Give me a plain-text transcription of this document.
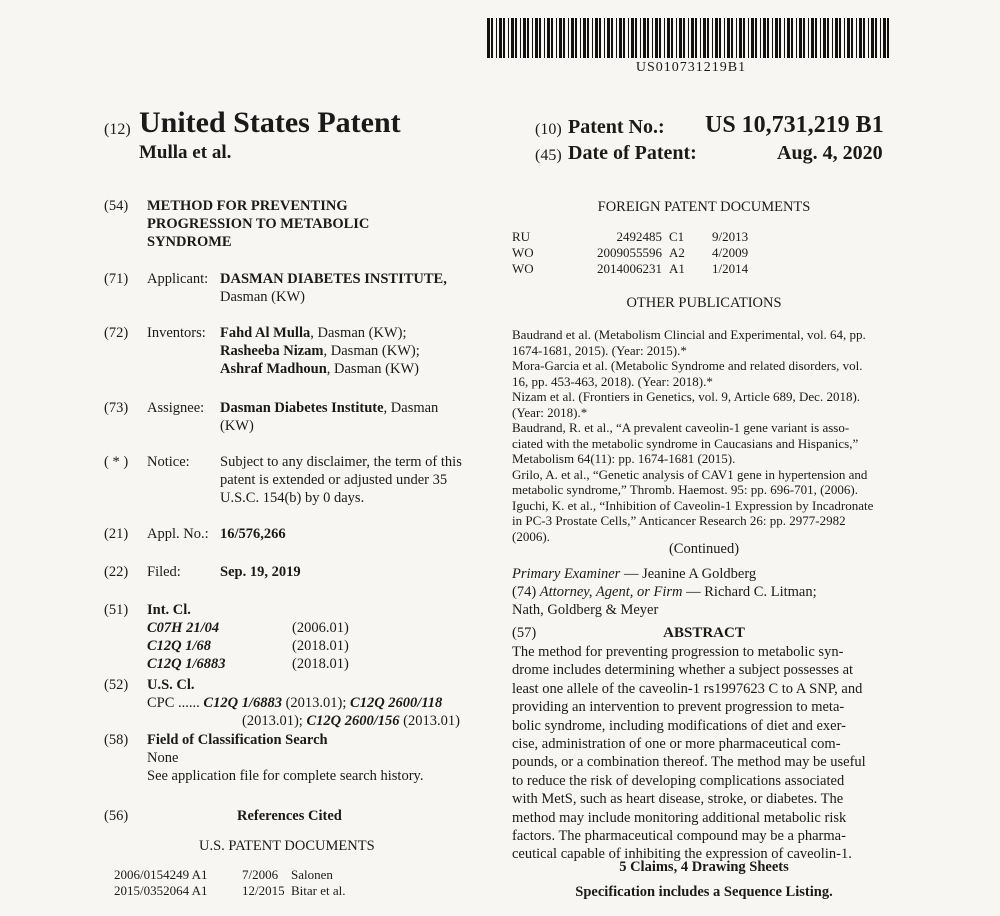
US010731219B1
(12) United States Patent
Mulla et al.
(10) Patent No.: US 10,731,219 B1
(45) Date of Patent:	Aug. 4, 2020
(54) METHOD FOR PREVENTING
PROGRESSION TO METABOLIC
SYNDROME
(71) Applicant: DASMAN DIABETES INSTITUTE,
Dasman (KW)
(72) Inventors: Fahd Al Mulla, Dasman (KW);
Rasheeba Nizam, Dasman (KW);
Ashraf Madhoun, Dasman (KW)
(73) Assignee: Dasman Diabetes Institute, Dasman
(KW)
( * ) Notice: Subject to any disclaimer, the term of this
patent is extended or adjusted under 35
U.S.C. 154(b) by 0 days.
(21) Appl. No.: 16/576,266
(22) Filed:	Sep. 19, 2019
(51) Int. Cl.
C07H 21/04	(2006.01)
C12Q 1/68	(2018.01)
C12Q 1/6883	(2018.01)
(52) U.S. Cl.
CPC ...... C12Q 1/6883 (2013.01); C12Q 2600/118
(2013.01); C12Q 2600/156 (2013.01)
(58) Field of Classification Search
None
See application file for complete search history.
(56)	References Cited
U.S. PATENT DOCUMENTS
2006/0154249 A1	7/2006 Salonen
2015/0352064 A1	12/2015 Bitar et al.
FOREIGN PATENT DOCUMENTS
RU	2492485 C1 9/2013
WO	2009055596 A2 4/2009
WO	2014006231 A1 1/2014
OTHER PUBLICATIONS
Baudrand et al. (Metabolism Clincial and Experimental, vol. 64, pp.
1674-1681, 2015). (Year: 2015).*
Mora-Garcia et al. (Metabolic Syndrome and related disorders, vol.
16, pp. 453-463, 2018). (Year: 2018).*
Nizam et al. (Frontiers in Genetics, vol. 9, Article 689, Dec. 2018).
(Year: 2018).*
Baudrand, R. et al., “A prevalent caveolin-1 gene variant is asso-
ciated with the metabolic syndrome in Caucasians and Hispanics,”
Metabolism 64(11): pp. 1674-1681 (2015).
Grilo, A. et al., “Genetic analysis of CAV1 gene in hypertension and
metabolic syndrome,” Thromb. Haemost. 95: pp. 696-701, (2006).
Iguchi, K. et al., “Inhibition of Caveolin-1 Expression by Incadronate
in PC-3 Prostate Cells,” Anticancer Research 26: pp. 2977-2982
(2006).
(Continued)
Primary Examiner — Jeanine A Goldberg
(74) Attorney, Agent, or Firm — Richard C. Litman;
Nath, Goldberg & Meyer
(57)	ABSTRACT
The method for preventing progression to metabolic syn-
drome includes determining whether a subject possesses at
least one allele of the caveolin-1 rs1997623 C to A SNP, and
providing an intervention to prevent progression to meta-
bolic syndrome, including modifications of diet and exer-
cise, administration of one or more pharmaceutical com-
pounds, or a combination thereof. The method may be useful
to reduce the risk of developing complications associated
with MetS, such as heart disease, stroke, or diabetes. The
method may include monitoring additional metabolic risk
factors. The pharmaceutical compound may be a pharma-
ceutical capable of inhibiting the expression of caveolin-1.
5 Claims, 4 Drawing Sheets
Specification includes a Sequence Listing.
